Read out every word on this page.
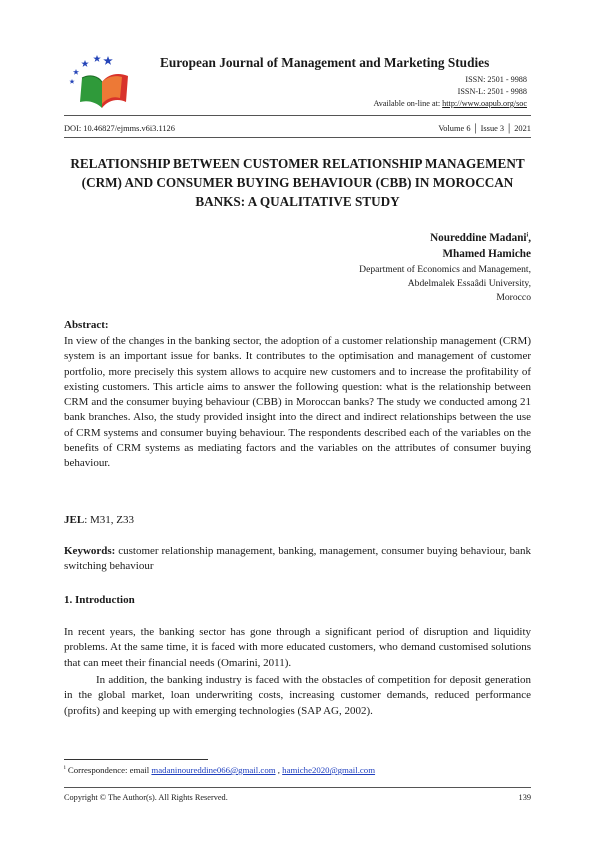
European Journal of Management and Marketing Studies
ISSN: 2501 - 9988
ISSN-L: 2501 - 9988
Available on-line at: http://www.oapub.org/soc
DOI: 10.46827/ejmms.v6i3.1126	Volume 6 │ Issue 3 │ 2021
RELATIONSHIP BETWEEN CUSTOMER RELATIONSHIP MANAGEMENT (CRM) AND CONSUMER BUYING BEHAVIOUR (CBB) IN MOROCCAN BANKS: A QUALITATIVE STUDY
Noureddine Madani$^i$,
Mhamed Hamiche
Department of Economics and Management,
Abdelmalek Essaâdi University,
Morocco
Abstract:
In view of the changes in the banking sector, the adoption of a customer relationship management (CRM) system is an important issue for banks. It contributes to the optimisation and management of customer portfolio, more precisely this system allows to acquire new customers and to increase the profitability of existing customers. This article aims to answer the following question: what is the relationship between CRM and the consumer buying behaviour (CBB) in Moroccan banks? The study we conducted among 21 bank branches. Also, the study provided insight into the direct and indirect relationships between the use of CRM systems and consumer buying behaviour. The respondents described each of the variables on the benefits of CRM systems as mediating factors and the variables on the attributes of consumer buying behaviour.
JEL: M31, Z33
Keywords: customer relationship management, banking, management, consumer buying behaviour, bank switching behaviour
1. Introduction
In recent years, the banking sector has gone through a significant period of disruption and liquidity problems. At the same time, it is faced with more educated customers, who demand customised solutions that can meet their financial needs (Omarini, 2011).
In addition, the banking industry is faced with the obstacles of competition for deposit generation in the global market, loan underwriting costs, increasing customer demands, reduced performance (profits) and keeping up with emerging technologies (SAP AG, 2002).
$^i$ Correspondence: email madaninoureddine066@gmail.com , hamiche2020@gmail.com
Copyright © The Author(s). All Rights Reserved.	139
